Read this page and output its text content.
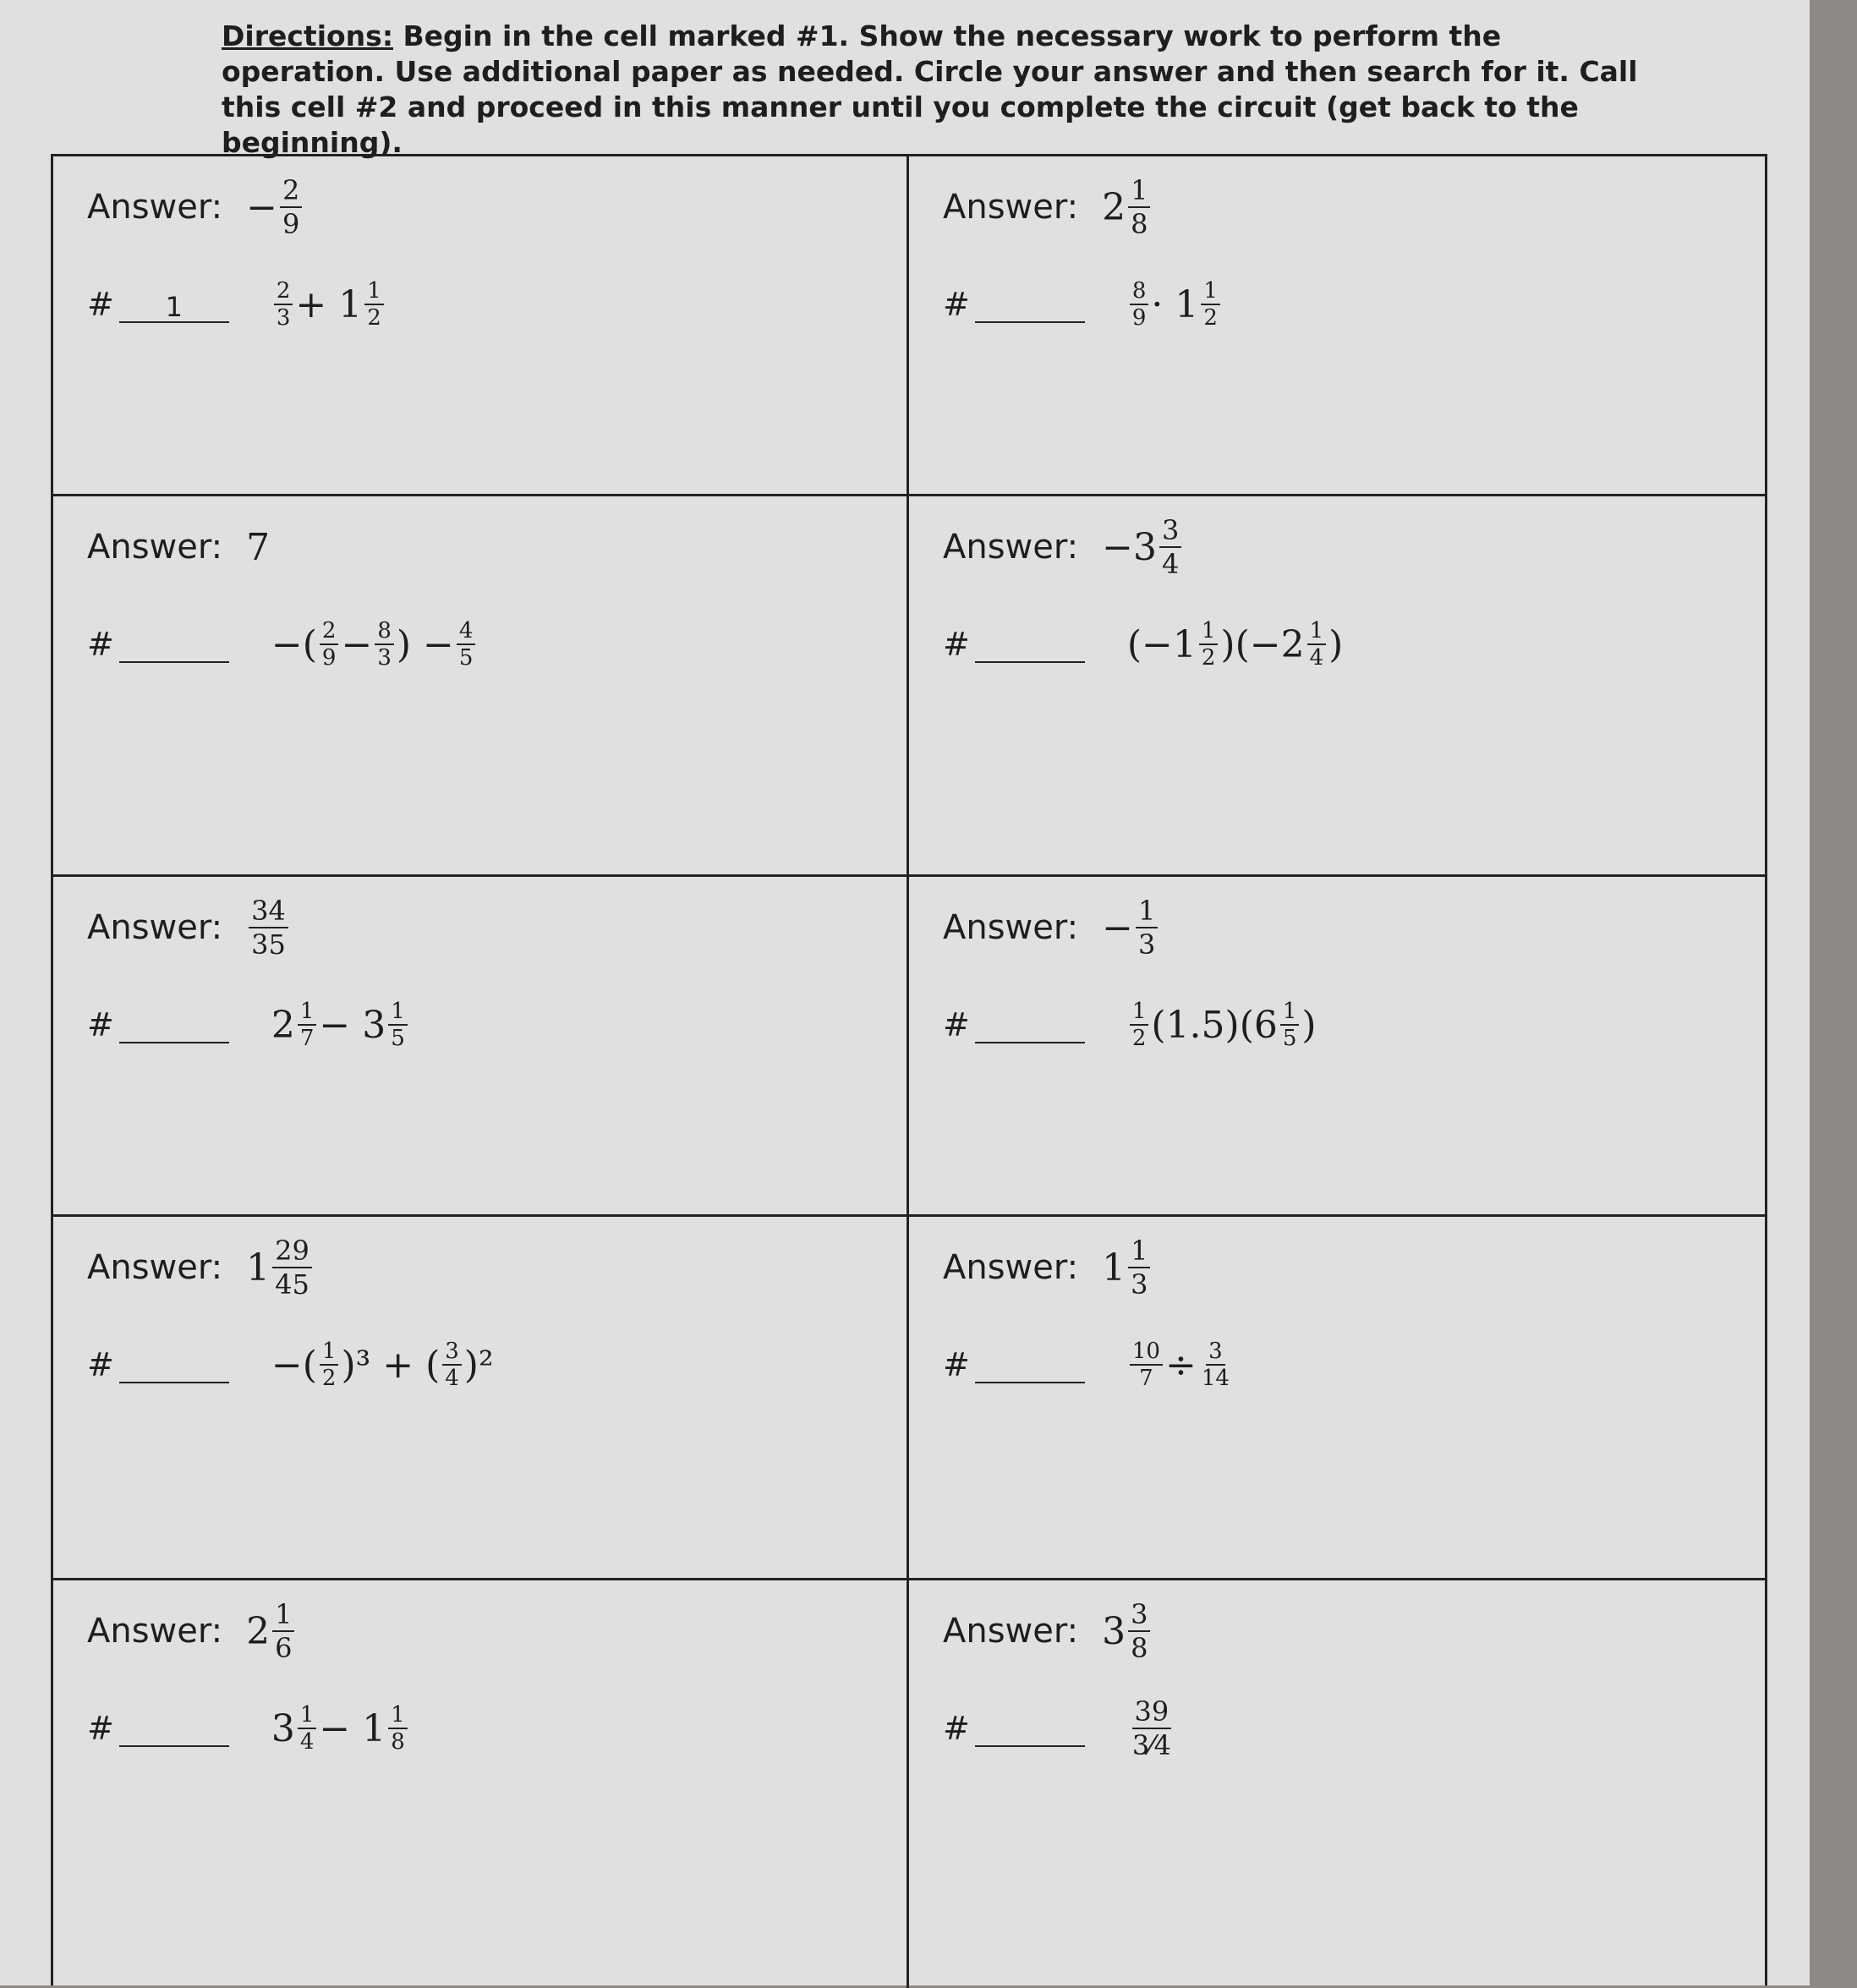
Directions: Begin in the cell marked #1. Show the necessary work to perform the operation. Use additional paper as needed. Circle your answer and then search for it. Call this cell #2 and proceed in this manner until you complete the circuit (get back to the beginning).
Answer: − $\frac{2}{9}$
#	1	$\frac{2}{3} + 1 \frac{1}{2}$
Answer: $2 \frac{1}{8}$
#	$\frac{8}{9} \cdot 1 \frac{1}{2}$
Answer: 7
#	−( $\frac{2}{9} - \frac{8}{3}$ ) − $\frac{4}{5}$
Answer: − $3 \frac{3}{4}$
#	$(-1 \frac{1}{2} )(-2 \frac{1}{4}$ )
Answer: $\frac{34}{35}$
#	$2 \frac{1}{7} - 3 \frac{1}{5}$
Answer: − $\frac{1}{3}$
#	$\frac{1}{2} (1.5)(6 \frac{1}{5}$ )
Answer: $1 \frac{29}{45}$
#	−( $\frac{1}{2} )^3$ + ( $\frac{3}{4} )^2$
Answer: $1 \frac{1}{3}$
#	$\frac{10}{7} \div \frac{3}{14}$
Answer: $2 \frac{1}{6}$
#	$3 \frac{1}{4} - 1 \frac{1}{8}$
Answer: $3 \frac{3}{8}$
#	$\frac{39}{3⁄4}$
